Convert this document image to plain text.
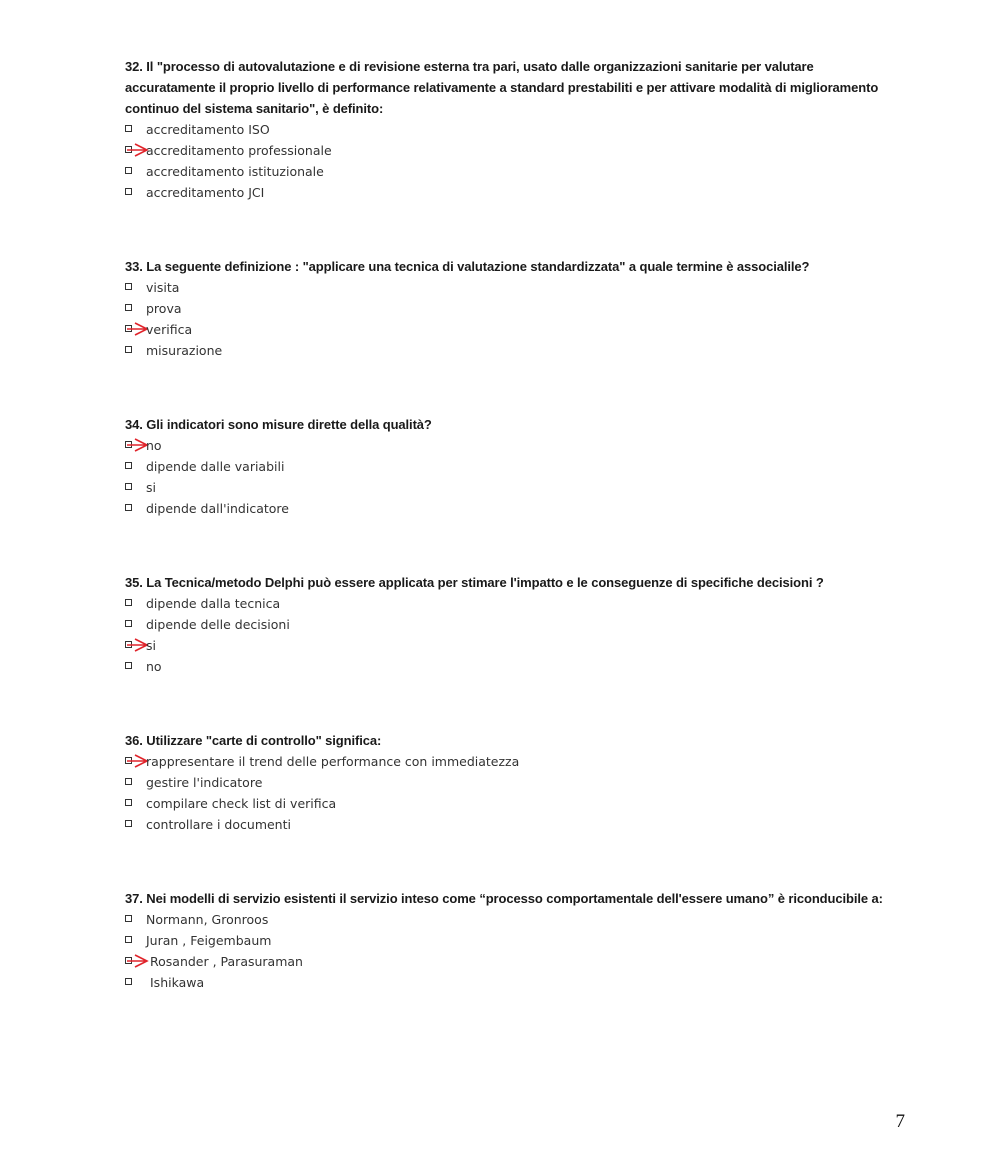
32. Il "processo di autovalutazione e di revisione esterna tra pari, usato dalle organizzazioni sanitarie per valutare accuratamente il proprio livello di performance relativamente a standard prestabiliti e per attivare modalità di miglioramento continuo del sistema sanitario", è definito:

accreditamento ISO
accreditamento professionale
accreditamento istituzionale
accreditamento JCI

33. La seguente definizione : "applicare una tecnica di valutazione standardizzata" a quale termine è associalile?

visita
prova
verifica
misurazione

34. Gli indicatori sono misure dirette della qualità?

no
dipende dalle variabili
si
dipende dall'indicatore

35. La Tecnica/metodo Delphi può essere applicata per stimare l'impatto e le conseguenze di specifiche decisioni ?

dipende dalla tecnica
dipende delle decisioni
si
no

36. Utilizzare "carte di controllo" significa:

rappresentare il trend delle performance con immediatezza
gestire l'indicatore
compilare check list di verifica
controllare i documenti

37. Nei modelli di servizio esistenti il servizio inteso come “processo comportamentale dell'essere umano” è riconducibile a:

Normann, Gronroos
Juran , Feigembaum
Rosander , Parasuraman
Ishikawa
7
